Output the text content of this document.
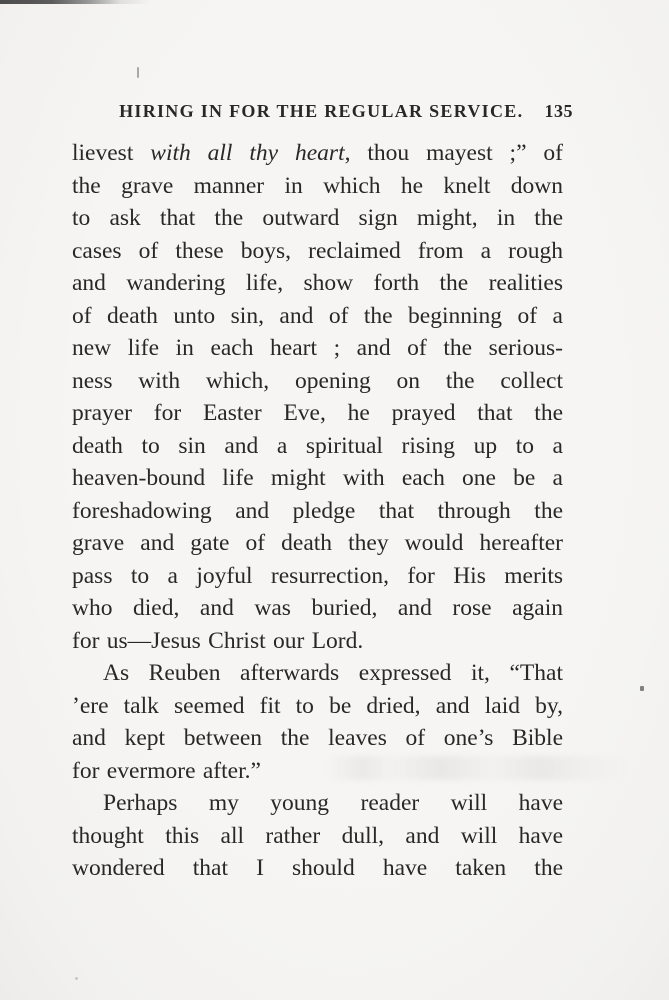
HIRING IN FOR THE REGULAR SERVICE.	135
lievest with all thy heart, thou mayest ;” of
the grave manner in which he knelt down
to ask that the outward sign might, in the
cases of these boys, reclaimed from a rough
and wandering life, show forth the realities
of death unto sin, and of the beginning of a
new life in each heart ; and of the serious-
ness with which, opening on the collect
prayer for Easter Eve, he prayed that the
death to sin and a spiritual rising up to a
heaven-bound life might with each one be a
foreshadowing and pledge that through the
grave and gate of death they would hereafter
pass to a joyful resurrection, for His merits
who died, and was buried, and rose again
for us—Jesus Christ our Lord.
As Reuben afterwards expressed it, “That
’ere talk seemed fit to be dried, and laid by,
and kept between the leaves of one’s Bible
for evermore after.”
Perhaps my young reader will have
thought this all rather dull, and will have
wondered that I should have taken the
